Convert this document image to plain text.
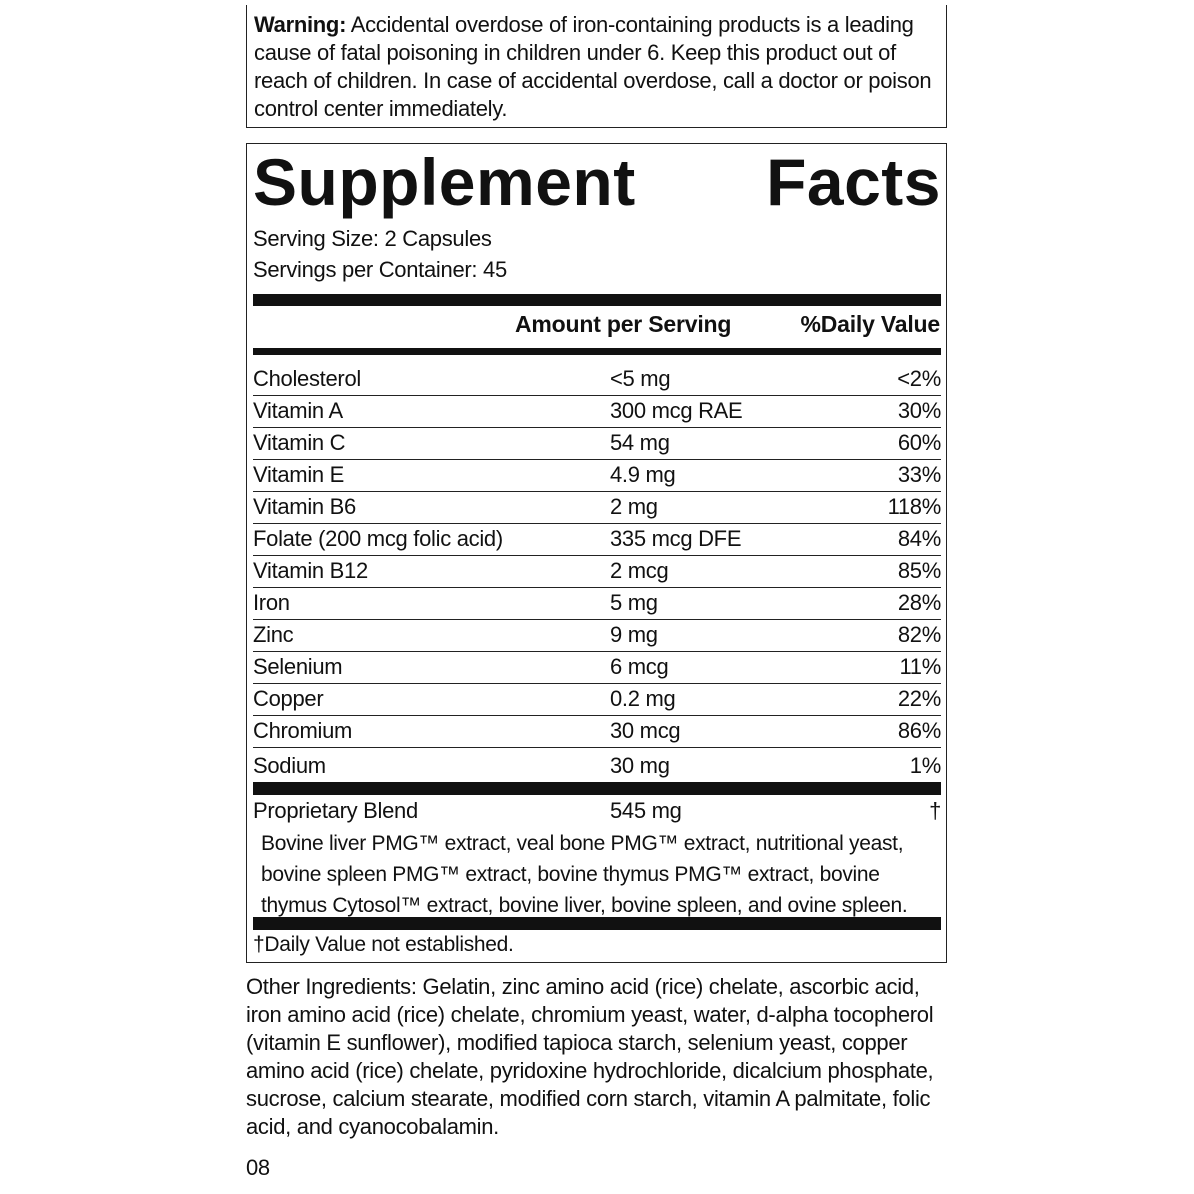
Warning: Accidental overdose of iron-containing products is a leading cause of fatal poisoning in children under 6. Keep this product out of reach of children. In case of accidental overdose, call a doctor or poison control center immediately.
Supplement Facts
Serving Size: 2 Capsules
Servings per Container: 45
Amount per Serving	%Daily Value
Cholesterol	<5 mg	<2%
Vitamin A	300 mcg RAE	30%
Vitamin C	54 mg	60%
Vitamin E	4.9 mg	33%
Vitamin B6	2 mg	118%
Folate (200 mcg folic acid)	335 mcg DFE	84%
Vitamin B12	2 mcg	85%
Iron	5 mg	28%
Zinc	9 mg	82%
Selenium	6 mcg	11%
Copper	0.2 mg	22%
Chromium	30 mcg	86%
Sodium	30 mg	1%
Proprietary Blend	545 mg	†
Bovine liver PMG™ extract, veal bone PMG™ extract, nutritional yeast, bovine spleen PMG™ extract, bovine thymus PMG™ extract, bovine thymus Cytosol™ extract, bovine liver, bovine spleen, and ovine spleen.
†Daily Value not established.
Other Ingredients: Gelatin, zinc amino acid (rice) chelate, ascorbic acid, iron amino acid (rice) chelate, chromium yeast, water, d-alpha tocopherol (vitamin E sunflower), modified tapioca starch, selenium yeast, copper amino acid (rice) chelate, pyridoxine hydrochloride, dicalcium phosphate, sucrose, calcium stearate, modified corn starch, vitamin A palmitate, folic acid, and cyanocobalamin.
08
